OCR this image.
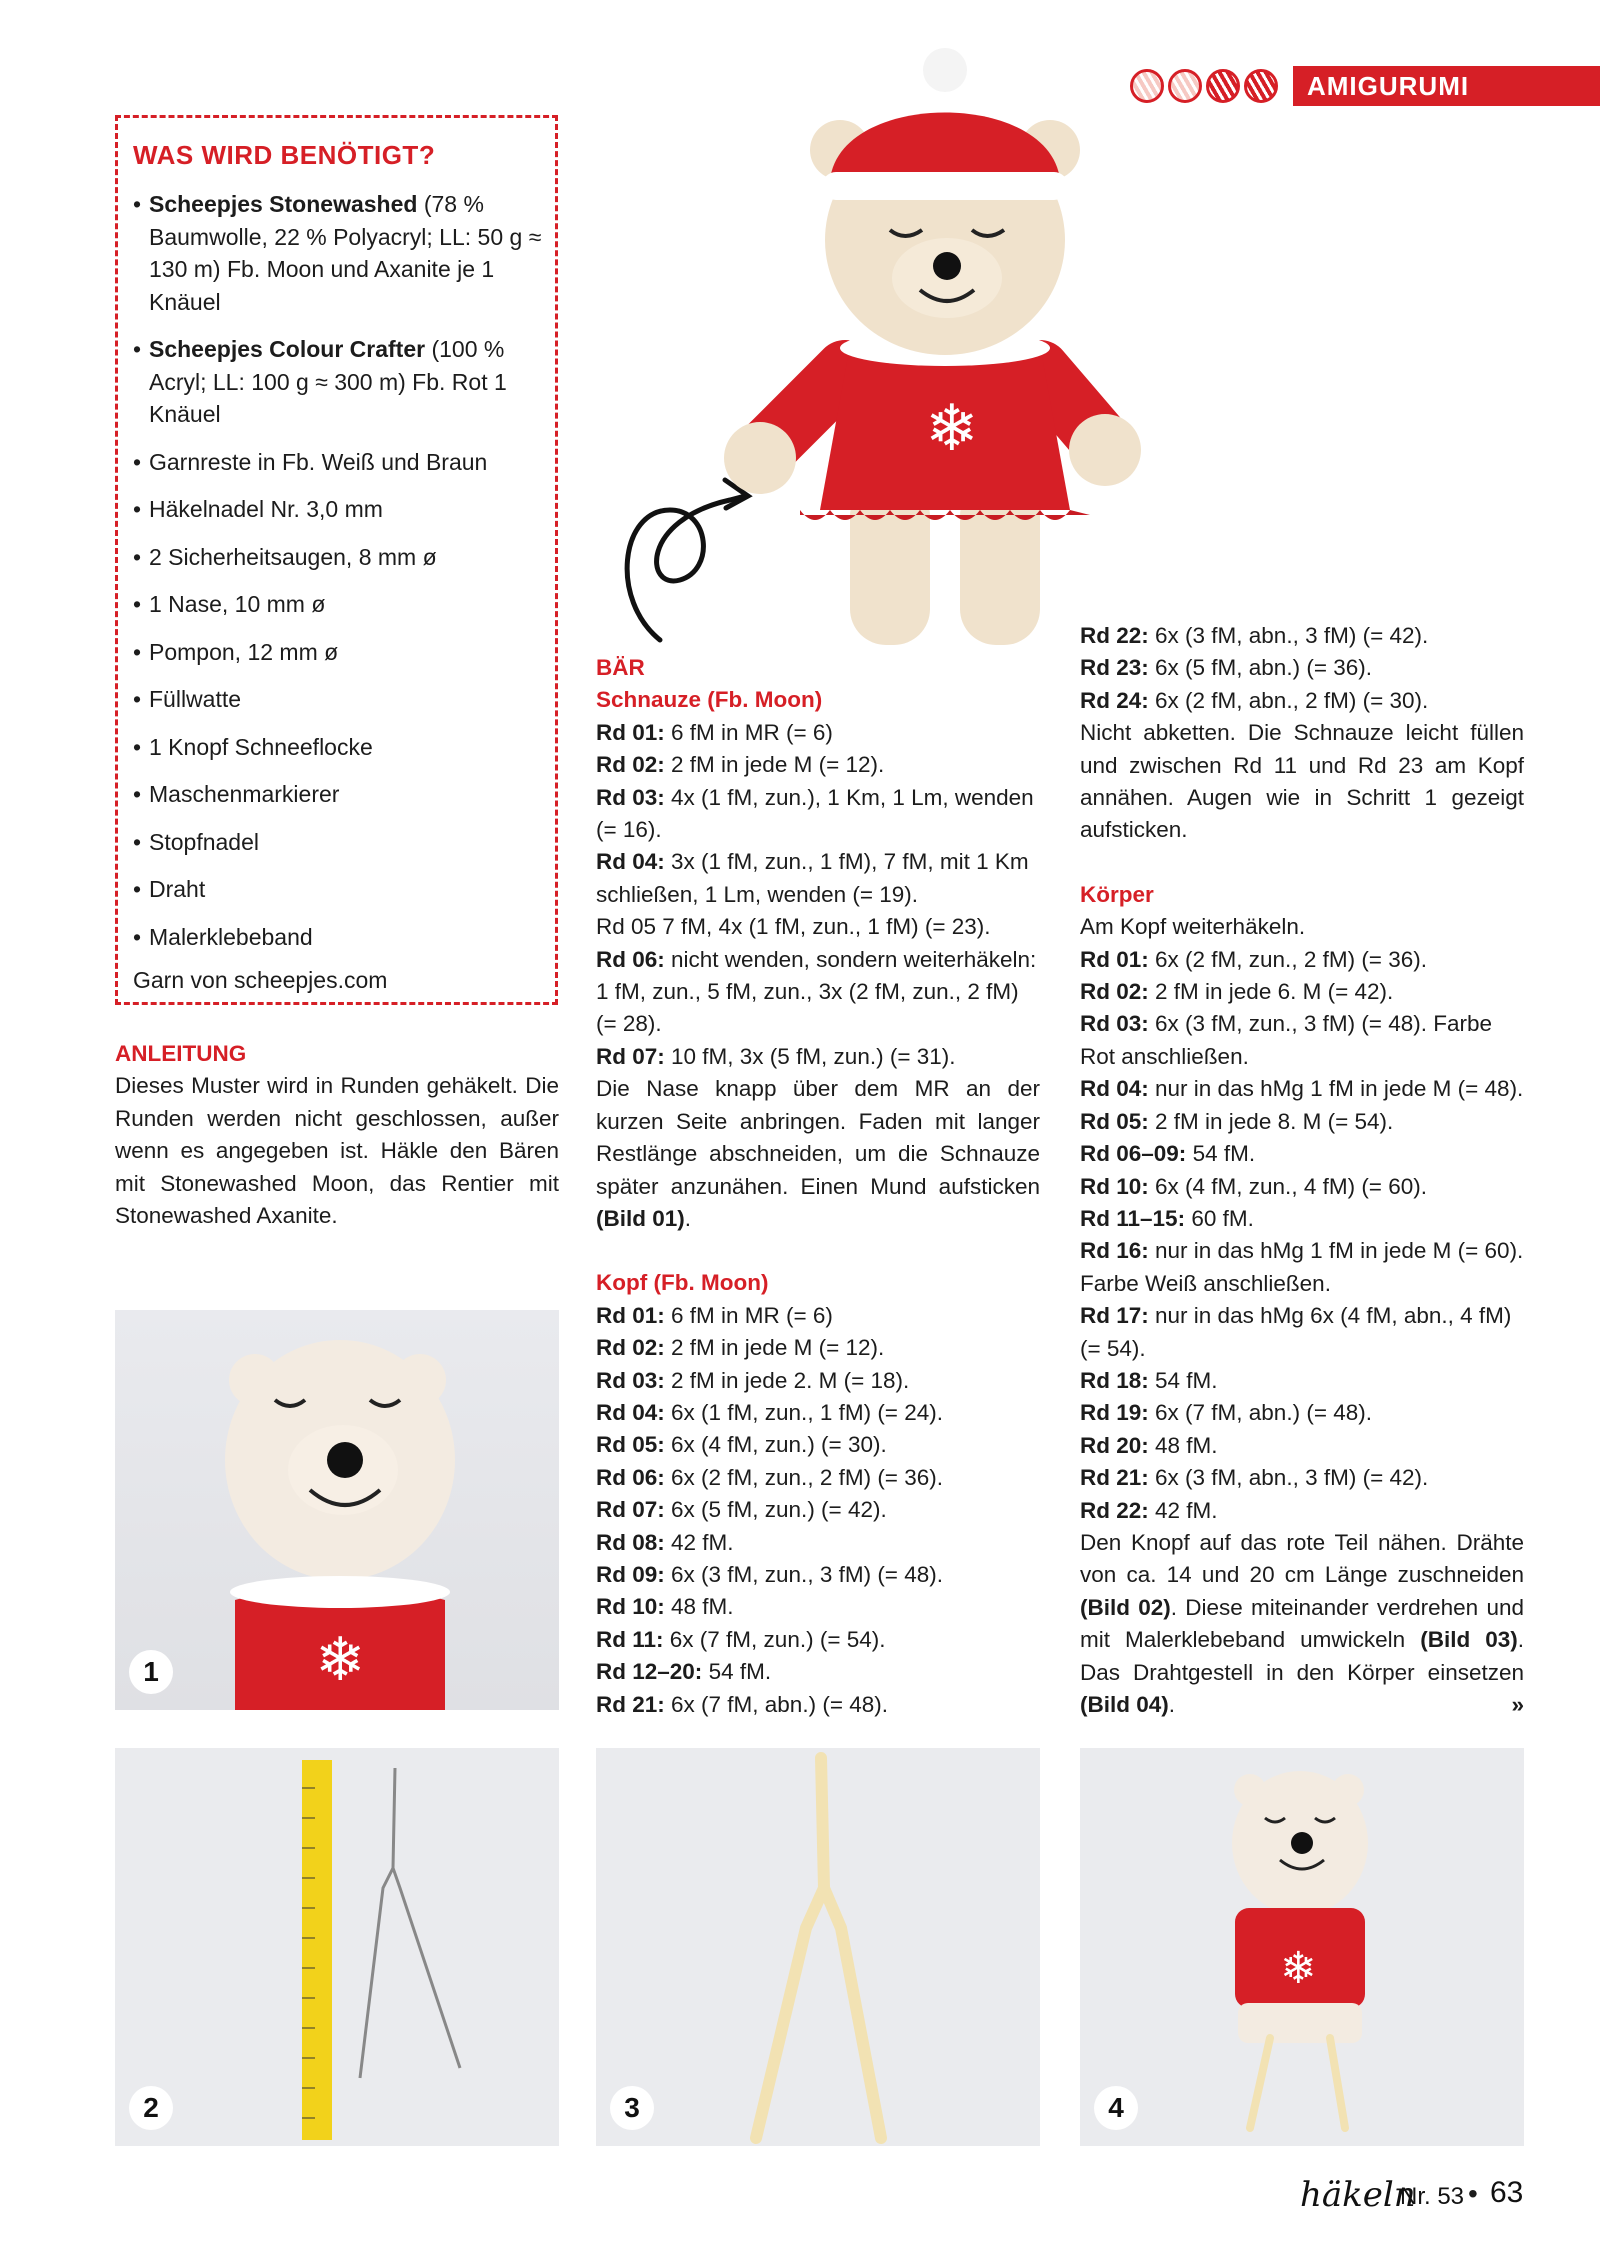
AMIGURUMI
WAS WIRD BENÖTIGT?
• Scheepjes Stonewashed (78 % Baumwolle, 22 % Polyacryl; LL: 50 g ≈ 130 m) Fb. Moon und Axanite je 1 Knäuel
• Scheepjes Colour Crafter (100 % Acryl; LL: 100 g ≈ 300 m) Fb. Rot 1 Knäuel
• Garnreste in Fb. Weiß und Braun
• Häkelnadel Nr. 3,0 mm
• 2 Sicherheitsaugen, 8 mm ø
• 1 Nase, 10 mm ø
• Pompon, 12 mm ø
• Füllwatte
• 1 Knopf Schneeflocke
• Maschenmarkierer
• Stopfnadel
• Draht
• Malerklebeband
Garn von scheepjes.com
❄

ANLEITUNG

Dieses Muster wird in Runden gehäkelt. Die Runden werden nicht geschlossen, außer wenn es angegeben ist. Häkle den Bären mit Stonewashed Moon, das Rentier mit Stonewashed Axanite.

BÄR

Schnauze (Fb. Moon)

Rd 01: 6 fM in MR (= 6)

Rd 02: 2 fM in jede M (= 12).

Rd 03: 4x (1 fM, zun.), 1 Km, 1 Lm, wenden (= 16).

Rd 04: 3x (1 fM, zun., 1 fM), 7 fM, mit 1 Km schließen, 1 Lm, wenden (= 19).

Rd 05 7 fM, 4x (1 fM, zun., 1 fM) (= 23).

Rd 06: nicht wenden, sondern weiterhäkeln: 1 fM, zun., 5 fM, zun., 3x (2 fM, zun., 2 fM) (= 28).

Rd 07: 10 fM, 3x (5 fM, zun.) (= 31).

Die Nase knapp über dem MR an der kurzen Seite anbringen. Faden mit langer Restlänge abschneiden, um die Schnauze später anzunähen. Einen Mund aufsticken (Bild 01).

Kopf (Fb. Moon)

Rd 01: 6 fM in MR (= 6)

Rd 02: 2 fM in jede M (= 12).

Rd 03: 2 fM in jede 2. M (= 18).

Rd 04: 6x (1 fM, zun., 1 fM) (= 24).

Rd 05: 6x (4 fM, zun.) (= 30).

Rd 06: 6x (2 fM, zun., 2 fM) (= 36).

Rd 07: 6x (5 fM, zun.) (= 42).

Rd 08: 42 fM.

Rd 09: 6x (3 fM, zun., 3 fM) (= 48).

Rd 10: 48 fM.

Rd 11: 6x (7 fM, zun.) (= 54).

Rd 12–20: 54 fM.

Rd 21: 6x (7 fM, abn.) (= 48).

Rd 22: 6x (3 fM, abn., 3 fM) (= 42).

Rd 23: 6x (5 fM, abn.) (= 36).

Rd 24: 6x (2 fM, abn., 2 fM) (= 30).

Nicht abketten. Die Schnauze leicht füllen und zwischen Rd 11 und Rd 23 am Kopf annähen. Augen wie in Schritt 1 gezeigt aufsticken.

Körper

Am Kopf weiterhäkeln.

Rd 01: 6x (2 fM, zun., 2 fM) (= 36).

Rd 02: 2 fM in jede 6. M (= 42).

Rd 03: 6x (3 fM, zun., 3 fM) (= 48). Farbe Rot anschließen.

Rd 04: nur in das hMg 1 fM in jede M (= 48).

Rd 05: 2 fM in jede 8. M (= 54).

Rd 06–09: 54 fM.

Rd 10: 6x (4 fM, zun., 4 fM) (= 60).

Rd 11–15: 60 fM.

Rd 16: nur in das hMg 1 fM in jede M (= 60). Farbe Weiß anschließen.

Rd 17: nur in das hMg 6x (4 fM, abn., 4 fM) (= 54).

Rd 18: 54 fM.

Rd 19: 6x (7 fM, abn.) (= 48).

Rd 20: 48 fM.

Rd 21: 6x (3 fM, abn., 3 fM) (= 42).

Rd 22: 42 fM.

Den Knopf auf das rote Teil nähen. Drähte von ca. 14 und 20 cm Länge zuschneiden (Bild 02). Diese miteinander verdrehen und mit Malerklebeband umwickeln (Bild 03). Das Drahtgestell in den Körper einsetzen (Bild 04).	»

❄
1
2	3
❄
4
häkeln
Nr. 53 • 63
